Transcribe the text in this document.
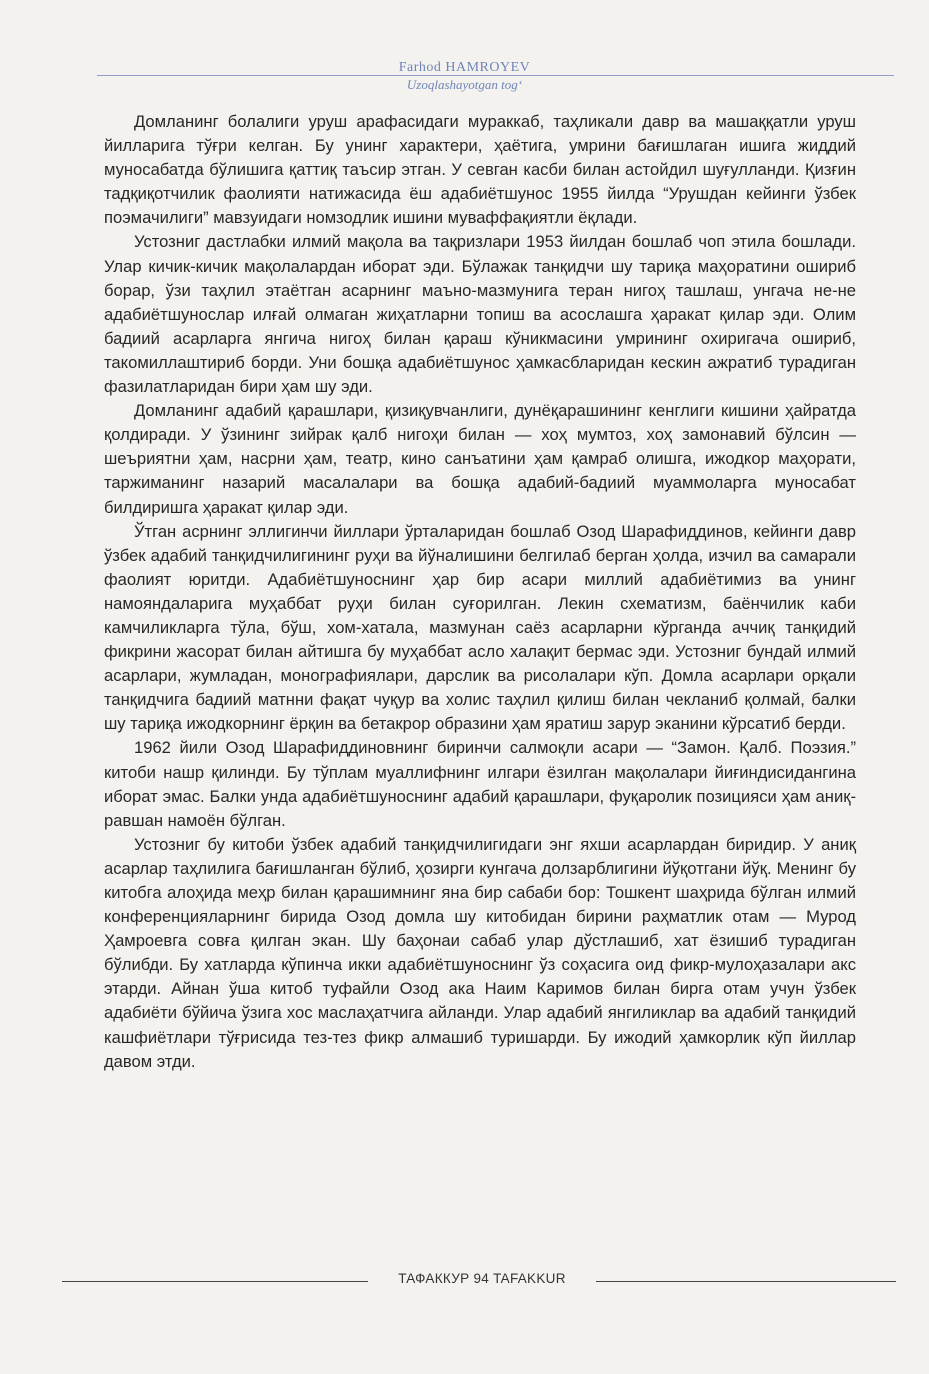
Farhod HAMROYEV
Uzoqlashayotgan tog‘

Домланинг болалиги уруш арафасидаги мураккаб, таҳликали давр ва машаққатли уруш йилларига тўғри келган. Бу унинг характери, ҳаётига, умрини бағишлаган ишига жиддий муносабатда бўлишига қаттиқ таъсир этган. У севган касби билан астойдил шуғулланди. Қизғин тадқиқотчилик фаолияти натижасида ёш адабиётшунос 1955 йилда “Урушдан кейинги ўзбек поэмачилиги” мавзуидаги номзодлик ишини муваффақиятли ёқлади.

Устозниг дастлабки илмий мақола ва тақризлари 1953 йилдан бошлаб чоп этила бошлади. Улар кичик-кичик мақолалардан иборат эди. Бўлажак танқидчи шу тариқа маҳоратини ошириб борар, ўзи таҳлил этаётган асарнинг маъно-мазмунига теран нигоҳ ташлаш, унгача не-не адабиётшунослар илғай олмаган жиҳатларни топиш ва асослашга ҳаракат қилар эди. Олим бадиий асарларга янгича нигоҳ билан қараш кўникмасини умрининг охиригача ошириб, такомиллаштириб борди. Уни бошқа адабиётшунос ҳамкасбларидан кескин ажратиб турадиган фазилатларидан бири ҳам шу эди.

Домланинг адабий қарашлари, қизиқувчанлиги, дунёқарашининг кенглиги кишини ҳайратда қолдиради. У ўзининг зийрак қалб нигоҳи билан — хоҳ мумтоз, хоҳ замонавий бўлсин — шеъриятни ҳам, насрни ҳам, театр, кино санъатини ҳам қамраб олишга, ижодкор маҳорати, таржиманинг назарий масалалари ва бошқа адабий-бадиий муаммоларга муносабат билдиришга ҳаракат қилар эди.

Ўтган асрнинг эллигинчи йиллари ўрталаридан бошлаб Озод Шарафиддинов, кейинги давр ўзбек адабий танқидчилигининг руҳи ва йўналишини белгилаб берган ҳолда, изчил ва самарали фаолият юритди. Адабиётшуноснинг ҳар бир асари миллий адабиётимиз ва унинг намояндаларига муҳаббат руҳи билан суғорилган. Лекин схематизм, баёнчилик каби камчиликларга тўла, бўш, хом-хатала, мазмунан саёз асарларни кўрганда аччиқ танқидий фикрини жасорат билан айтишга бу муҳаббат асло халақит бермас эди. Устозниг бундай илмий асарлари, жумладан, монографиялари, дарслик ва рисолалари кўп. Домла асарлари орқали танқидчига бадиий матнни фақат чуқур ва холис таҳлил қилиш билан чекланиб қолмай, балки шу тариқа ижодкорнинг ёрқин ва бетакрор образини ҳам яратиш зарур эканини кўрсатиб берди.

1962 йили Озод Шарафиддиновнинг биринчи салмоқли асари — “Замон. Қалб. Поэзия.” китоби нашр қилинди. Бу тўплам муаллифнинг илгари ёзилган мақолалари йиғиндисидангина иборат эмас. Балки унда адабиётшуноснинг адабий қарашлари, фуқаролик позицияси ҳам аниқ-равшан намоён бўлган.

Устозниг бу китоби ўзбек адабий танқидчилигидаги энг яхши асарлардан биридир. У аниқ асарлар таҳлилига бағишланган бўлиб, ҳозирги кунгача долзарблигини йўқотгани йўқ. Менинг бу китобга алоҳида меҳр билан қарашимнинг яна бир сабаби бор: Тошкент шаҳрида бўлган илмий конференцияларнинг бирида Озод домла шу китобидан бирини раҳматлик отам — Мурод Ҳамроевга совға қилган экан. Шу баҳонаи сабаб улар дўстлашиб, хат ёзишиб турадиган бўлибди. Бу хатларда кўпинча икки адабиётшуноснинг ўз соҳасига оид фикр-мулоҳазалари акс этарди. Айнан ўша китоб туфайли Озод ака Наим Каримов билан бирга отам учун ўзбек адабиёти бўйича ўзига хос маслаҳатчига айланди. Улар адабий янгиликлар ва адабий танқидий кашфиётлари тўғрисида тез-тез фикр алмашиб туришарди. Бу ижодий ҳамкорлик кўп йиллар давом этди.

ТАФАККУР 94 TAFAKKUR
